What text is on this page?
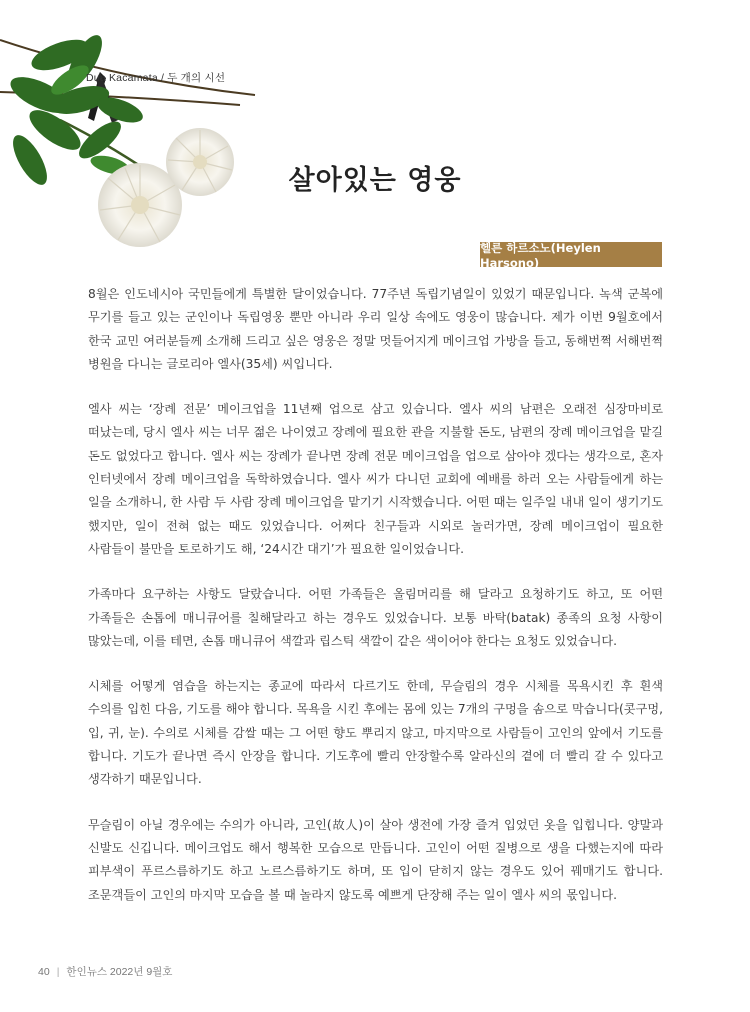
Dua Kacamata / 두 개의 시선
살아있는 영웅
헬른 하르소노(Heylen Harsono)

8월은 인도네시아 국민들에게 특별한 달이었습니다. 77주년 독립기념일이 있었기 때문입니다. 녹색 군복에 무기를 들고 있는 군인이나 독립영웅 뿐만 아니라 우리 일상 속에도 영웅이 많습니다. 제가 이번 9월호에서 한국 교민 여러분들께 소개해 드리고 싶은 영웅은 정말 멋들어지게 메이크업 가방을 들고, 동해번쩍 서해번쩍 병원을 다니는 글로리아 엘사(35세) 씨입니다.

엘사 씨는 ‘장례 전문’ 메이크업을 11년째 업으로 삼고 있습니다. 엘사 씨의 남편은 오래전 심장마비로 떠났는데, 당시 엘사 씨는 너무 젊은 나이였고 장례에 필요한 관을 지불할 돈도, 남편의 장례 메이크업을 맡길 돈도 없었다고 합니다. 엘사 씨는 장례가 끝나면 장례 전문 메이크업을 업으로 삼아야 겠다는 생각으로, 혼자 인터넷에서 장례 메이크업을 독학하였습니다. 엘사 씨가 다니던 교회에 예배를 하러 오는 사람들에게 하는 일을 소개하니, 한 사람 두 사람 장례 메이크업을 맡기기 시작했습니다. 어떤 때는 일주일 내내 일이 생기기도 했지만, 일이 전혀 없는 때도 있었습니다. 어쩌다 친구들과 시외로 놀러가면, 장례 메이크업이 필요한 사람들이 불만을 토로하기도 해, ‘24시간 대기’가 필요한 일이었습니다.

가족마다 요구하는 사항도 달랐습니다. 어떤 가족들은 올림머리를 해 달라고 요청하기도 하고, 또 어떤 가족들은 손톱에 매니큐어를 칠해달라고 하는 경우도 있었습니다. 보통 바탁(batak) 종족의 요청 사항이 많았는데, 이를 테면, 손톱 매니큐어 색깔과 립스틱 색깔이 같은 색이어야 한다는 요청도 있었습니다.

시체를 어떻게 염습을 하는지는 종교에 따라서 다르기도 한데, 무슬림의 경우 시체를 목욕시킨 후 흰색 수의를 입힌 다음, 기도를 해야 합니다. 목욕을 시킨 후에는 몸에 있는 7개의 구멍을 솜으로 막습니다(콧구멍, 입, 귀, 눈). 수의로 시체를 감쌀 때는 그 어떤 향도 뿌리지 않고, 마지막으로 사람들이 고인의 앞에서 기도를 합니다. 기도가 끝나면 즉시 안장을 합니다. 기도후에 빨리 안장할수록 알라신의 곁에 더 빨리 갈 수 있다고 생각하기 때문입니다.

무슬림이 아닐 경우에는 수의가 아니라, 고인(故人)이 살아 생전에 가장 즐겨 입었던 옷을 입힙니다. 양말과 신발도 신깁니다. 메이크업도 해서 행복한 모습으로 만듭니다. 고인이 어떤 질병으로 생을 다했는지에 따라 피부색이 푸르스름하기도 하고 노르스름하기도 하며, 또 입이 닫히지 않는 경우도 있어 꿰매기도 합니다. 조문객들이 고인의 마지막 모습을 볼 때 놀라지 않도록 예쁘게 단장해 주는 일이 엘사 씨의 몫입니다.

40 | 한인뉴스 2022년 9월호
